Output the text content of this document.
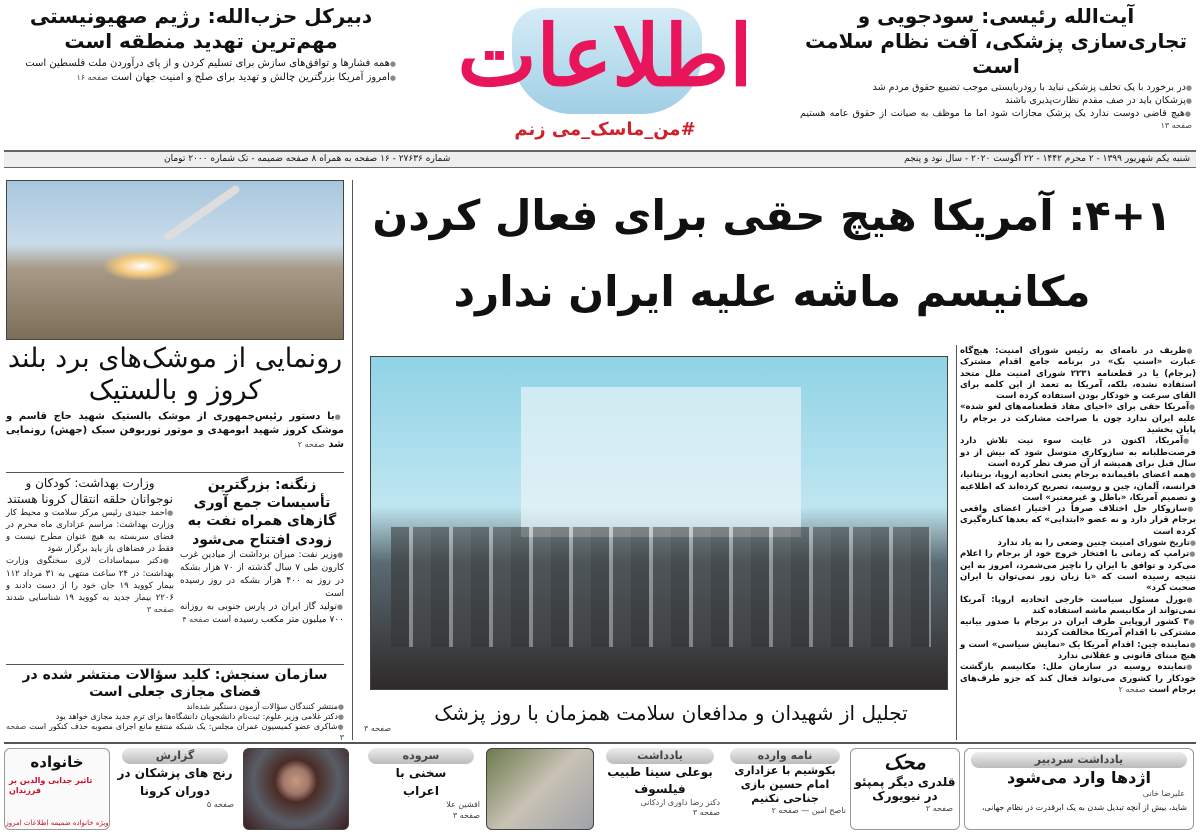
آیت‌الله رئیسی: سودجویی و تجاری‌سازی پزشکی، آفت نظام سلامت است

● در برخورد با یک تخلف پزشکی نباید با رودربایستی موجب تضییع حقوق مردم شد

● پزشکان باید در صف مقدم نظارت‌پذیری باشند

● هیچ قاضی دوست ندارد یک پزشک مجازات شود اما ما موظف به صیانت از حقوق عامه هستیم صفحه ۱۳

دبیرکل حزب‌الله: رژیم صهیونیستی مهم‌ترین تهدید منطقه است

● همه فشارها و توافق‌های سازش برای تسلیم کردن و از پای درآوردن ملت فلسطین است

● امروز آمریکا بزرگترین چالش و تهدید برای صلح و امنیت جهان است صفحه ۱۶	اطلاعات
#من_ماسک_می زنم
شنبه یکم شهریور ۱۳۹۹ - ۲ محرم ۱۴۴۲ - ۲۲ آگوست ۲۰۲۰ - سال نود و پنجم
شماره ۲۷۶۳۶ - ۱۶ صفحه به همراه ۸ صفحه ضمیمه - تک شماره ۲۰۰۰ تومان
۴+۱: آمریکا هیچ حقی برای فعال کردن
مکانیسم ماشه علیه ایران ندارد
رونمایی از موشک‌های برد بلند کروز و بالستیک

● با دستور رئیس‌جمهوری از موشک بالستیک شهید حاج قاسم و موشک کروز شهید ابومهدی و موتور توربوفن سبک (جهش) رونمایی شد صفحه ۲

زنگنه: بزرگترین تأسیسات جمع آوری گازهای همراه نفت به زودی افتتاح می‌شود

● وزیر نفت: میزان برداشت از میادین غرب کارون طی ۷ سال گذشته از ۷۰ هزار بشکه در روز به ۴۰۰ هزار بشکه در روز رسیده است

● تولید گاز ایران در پارس جنوبی به روزانه ۷۰۰ میلیون متر مکعب رسیده است صفحه ۴

وزارت بهداشت: کودکان و نوجوانان حلقه انتقال کرونا هستند

● احمد جنیدی رئیس مرکز سلامت و محیط کار وزارت بهداشت: مراسم عزاداری ماه محرم در فضای سربسته به هیچ عنوان مطرح نیست و فقط در فضاهای باز باید برگزار شود

● دکتر سیماسادات لاری سخنگوی وزارت بهداشت: در ۲۴ ساعت منتهی به ۳۱ مرداد ۱۱۲ بیمار کووید ۱۹ جان خود را از دست دادند و ۲۲۰۶ بیمار جدید به کووید ۱۹ شناسایی شدند صفحه ۳

سازمان سنجش: کلید سؤالات منتشر شده در فضای مجازی جعلی است

● منتشر کنندگان سؤالات آزمون دستگیر شده‌اند

● دکتر غلامی وزیر علوم: ثبت‌نام دانشجویان دانشگاه‌ها برای ترم جدید مجازی خواهد بود

● شاکری عضو کمیسیون عمران مجلس: یک شبکه منتفع مانع اجرای مصوبه حذف کنکور است صفحه ۳

تجلیل از شهیدان و مدافعان سلامت همزمان با روز پزشک
صفحه ۳

● ظریف در نامه‌ای به رئیس شورای امنیت: هیچ‌گاه عبارت «اسنپ بک» در برنامه جامع اقدام مشترک (برجام) یا در قطعنامه ۲۲۳۱ شورای امنیت ملل متحد استفاده نشده، بلکه، آمریکا به تعمد از این کلمه برای القای سرعت و خودکار بودن استفاده کرده است

● آمریکا حقی برای «احیای مفاد قطعنامه‌های لغو شده» علیه ایران ندارد چون با صراحت مشارکت در برجام را پایان بخشید

● آمریکا، اکنون در غایت سوء نیت تلاش دارد فرصت‌طلبانه به سازوکاری متوسل شود که بیش از دو سال قبل برای همیشه از آن صرف نظر کرده است

● همه اعضای باقیمانده برجام یعنی اتحادیه اروپا، بریتانیا، فرانسه، آلمان، چین و روسیه، تصریح کرده‌اند که اطلاعیه و تصمیم آمریکا، «باطل و غیرمعتبر» است

● سازوکار حل اختلاف صرفاً در اختیار اعضای واقعی برجام قرار دارد و نه عضو «ابتدایی» که بعدها کناره‌گیری کرده است

● تاریخ شورای امنیت چنین وضعی را به یاد ندارد

● ترامپ که زمانی با افتخار خروج خود از برجام را اعلام می‌کرد و توافق با ایران را ناچیز می‌شمرد، امروز به این نتیجه رسیده است که «با زبان زور نمی‌توان با ایران صحبت کرد»

● بورل مسئول سیاست خارجی اتحادیه اروپا: آمریکا نمی‌تواند از مکانیسم ماشه استفاده کند

● ۳ کشور اروپایی طرف ایران در برجام با صدور بیانیه مشترکی با اقدام آمریکا مخالفت کردند

● نماینده چین: اقدام آمریکا یک «نمایش سیاسی» است و هیچ مبنای قانونی و عقلانی ندارد

● نماینده روسیه در سازمان ملل: مکانیسم بازگشت خودکار را کشوری می‌تواند فعال کند که جزو طرف‌های برجام است صفحه ۲

یادداشت سردبیر
اژدها وارد می‌شود
علیرضا خانی
شاید، بیش از آنچه تبدیل شدن به یک ابرقدرت در نظام جهانی،
محک
قلدری دیگر پمپئو در نیویورک
صفحه ۲
نامه وارده
بکوشیم با عزاداری امام حسین بازی جناحی نکنیم
ناصح امین — صفحه ۲
یادداشت
بوعلی سینا طبیب فیلسوف
دکتر رضا داوری اردکانی
صفحه ۳
سروده
سخنی با اعراب
افشین علا
صفحه ۳
گزارش
رنج های پزشکان در دوران کرونا
صفحه ۵
خانواده
تاثیر جدایی والدین بر فرزندان
ویژه خانواده ضمیمه اطلاعات امروز
